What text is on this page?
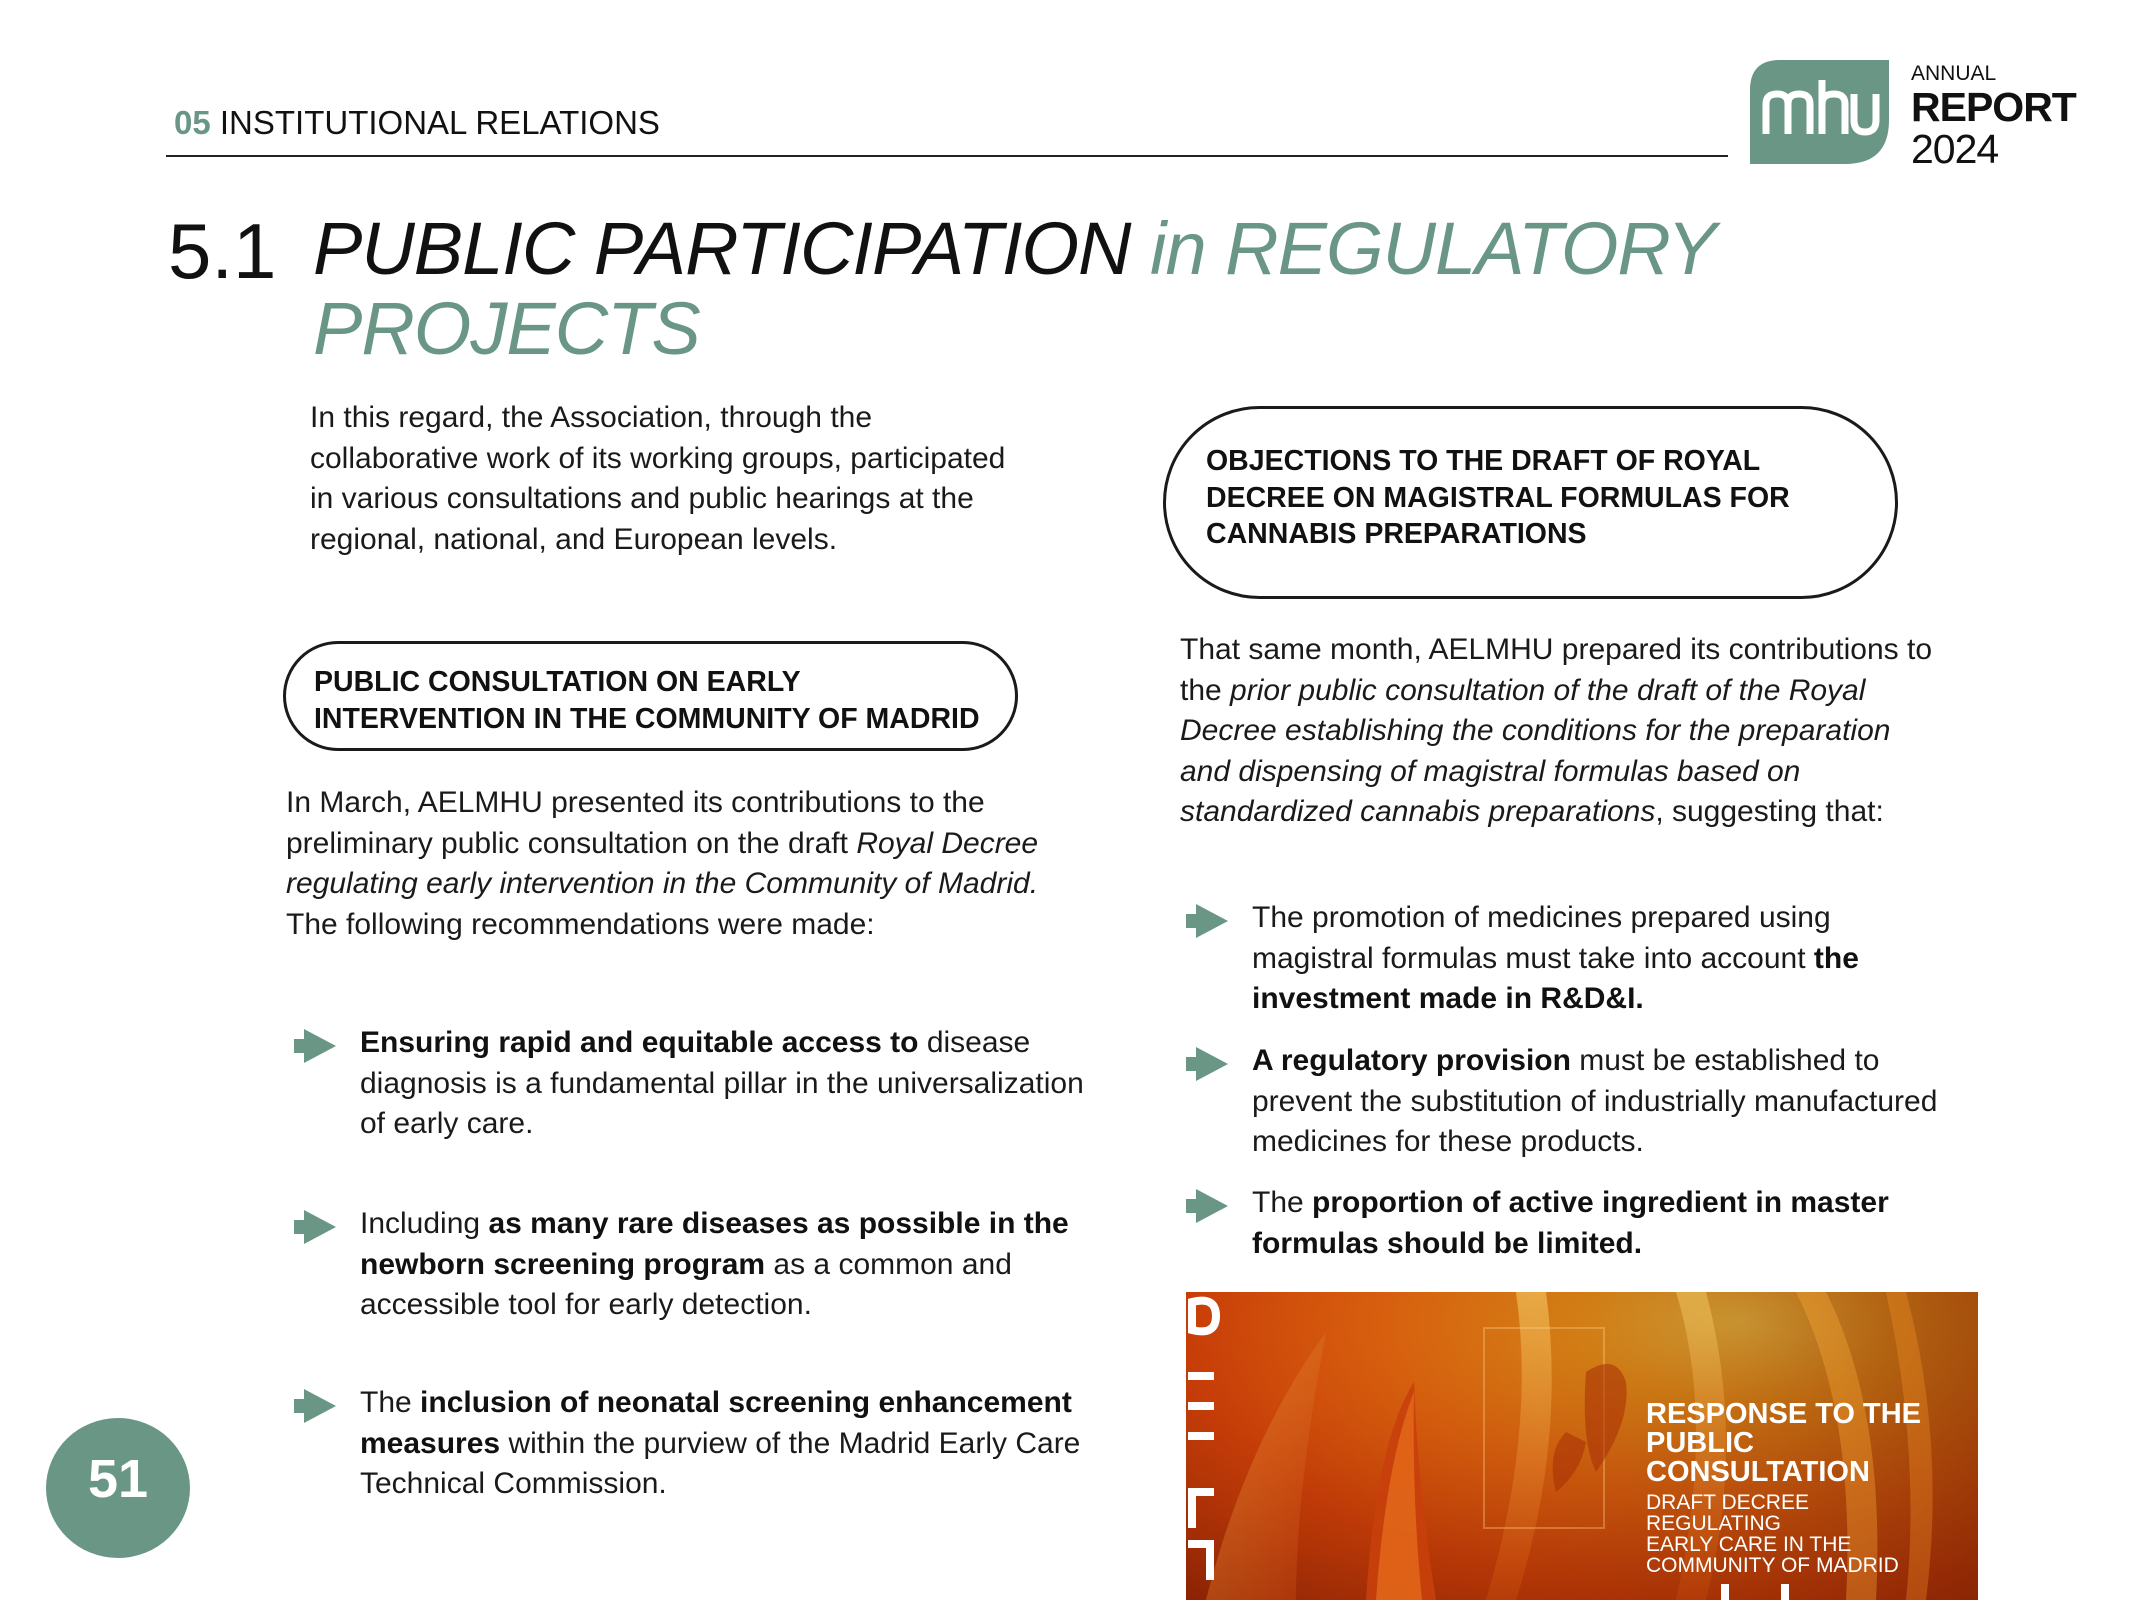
05 INSTITUTIONAL RELATIONS
ANNUAL
REPORT
2024
5.1 PUBLIC PARTICIPATION in REGULATORY
PROJECTS
In this regard, the Association, through the collaborative work of its working groups, participated in various consultations and public hearings at the regional, national, and European levels.
PUBLIC CONSULTATION ON EARLY
INTERVENTION IN THE COMMUNITY OF MADRID
In March, AELMHU presented its contributions to the preliminary public consultation on the draft Royal Decree regulating early intervention in the Community of Madrid. The following recommendations were made:
Ensuring rapid and equitable access to disease diagnosis is a fundamental pillar in the universalization of early care.
Including as many rare diseases as possible in the newborn screening program as a common and accessible tool for early detection.
The inclusion of neonatal screening enhancement measures within the purview of the Madrid Early Care Technical Commission.
OBJECTIONS TO THE DRAFT OF ROYAL
DECREE ON MAGISTRAL FORMULAS FOR
CANNABIS PREPARATIONS
That same month, AELMHU prepared its contributions to the prior public consultation of the draft of the Royal Decree establishing the conditions for the preparation and dispensing of magistral formulas based on standardized cannabis preparations, suggesting that:
The promotion of medicines prepared using magistral formulas must take into account the investment made in R&D&I.
A regulatory provision must be established to prevent the substitution of industrially manufactured medicines for these products.
The proportion of active ingredient in master formulas should be limited.
RESPONSE TO THE PUBLIC CONSULTATION
DRAFT DECREE
REGULATING
EARLY CARE IN THE
COMMUNITY OF MADRID
51
